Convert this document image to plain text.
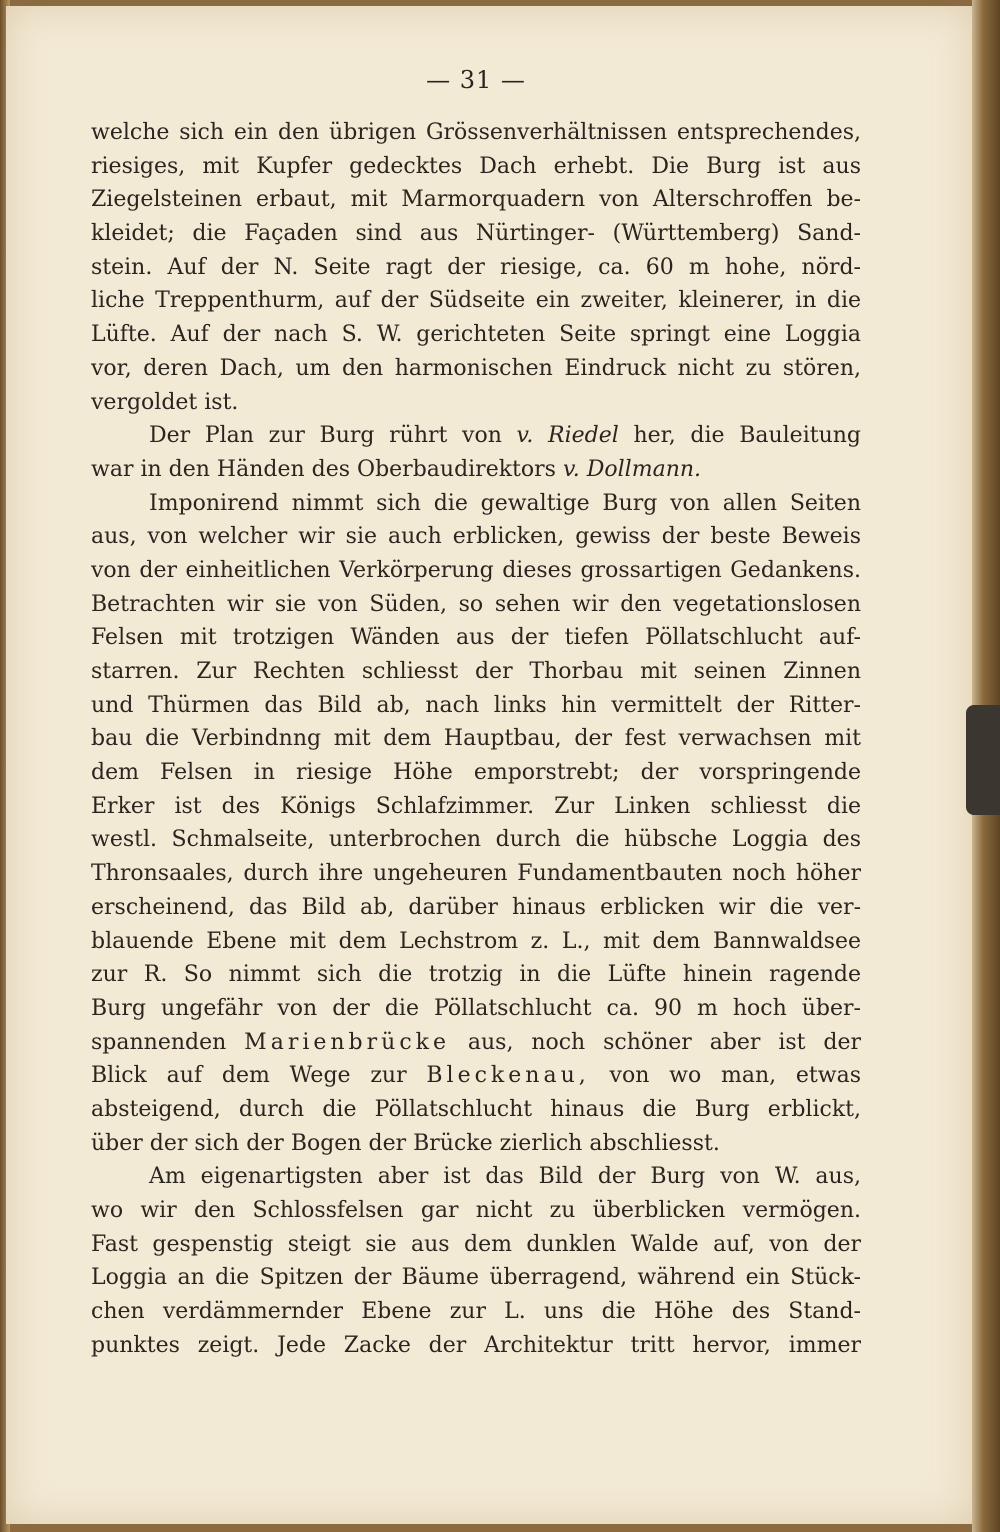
— 31 —
welche sich ein den übrigen Grössenverhältnissen entsprechendes,
riesiges, mit Kupfer gedecktes Dach erhebt. Die Burg ist aus
Ziegelsteinen erbaut, mit Marmorquadern von Alterschroffen be-
kleidet; die Façaden sind aus Nürtinger- (Württemberg) Sand-
stein. Auf der N. Seite ragt der riesige, ca. 60 m hohe, nörd-
liche Treppenthurm, auf der Südseite ein zweiter, kleinerer, in die
Lüfte. Auf der nach S. W. gerichteten Seite springt eine Loggia
vor, deren Dach, um den harmonischen Eindruck nicht zu stören,
vergoldet ist.
Der Plan zur Burg rührt von v. Riedel her, die Bauleitung
war in den Händen des Oberbaudirektors v. Dollmann.
Imponirend nimmt sich die gewaltige Burg von allen Seiten
aus, von welcher wir sie auch erblicken, gewiss der beste Beweis
von der einheitlichen Verkörperung dieses grossartigen Gedankens.
Betrachten wir sie von Süden, so sehen wir den vegetationslosen
Felsen mit trotzigen Wänden aus der tiefen Pöllatschlucht auf-
starren. Zur Rechten schliesst der Thorbau mit seinen Zinnen
und Thürmen das Bild ab, nach links hin vermittelt der Ritter-
bau die Verbindnng mit dem Hauptbau, der fest verwachsen mit
dem Felsen in riesige Höhe emporstrebt; der vorspringende
Erker ist des Königs Schlafzimmer. Zur Linken schliesst die
westl. Schmalseite, unterbrochen durch die hübsche Loggia des
Thronsaales, durch ihre ungeheuren Fundamentbauten noch höher
erscheinend, das Bild ab, darüber hinaus erblicken wir die ver-
blauende Ebene mit dem Lechstrom z. L., mit dem Bannwaldsee
zur R. So nimmt sich die trotzig in die Lüfte hinein ragende
Burg ungefähr von der die Pöllatschlucht ca. 90 m hoch über-
spannenden Marienbrücke aus, noch schöner aber ist der
Blick auf dem Wege zur Bleckenau, von wo man, etwas
absteigend, durch die Pöllatschlucht hinaus die Burg erblickt,
über der sich der Bogen der Brücke zierlich abschliesst.
Am eigenartigsten aber ist das Bild der Burg von W. aus,
wo wir den Schlossfelsen gar nicht zu überblicken vermögen.
Fast gespenstig steigt sie aus dem dunklen Walde auf, von der
Loggia an die Spitzen der Bäume überragend, während ein Stück-
chen verdämmernder Ebene zur L. uns die Höhe des Stand-
punktes zeigt. Jede Zacke der Architektur tritt hervor, immer
